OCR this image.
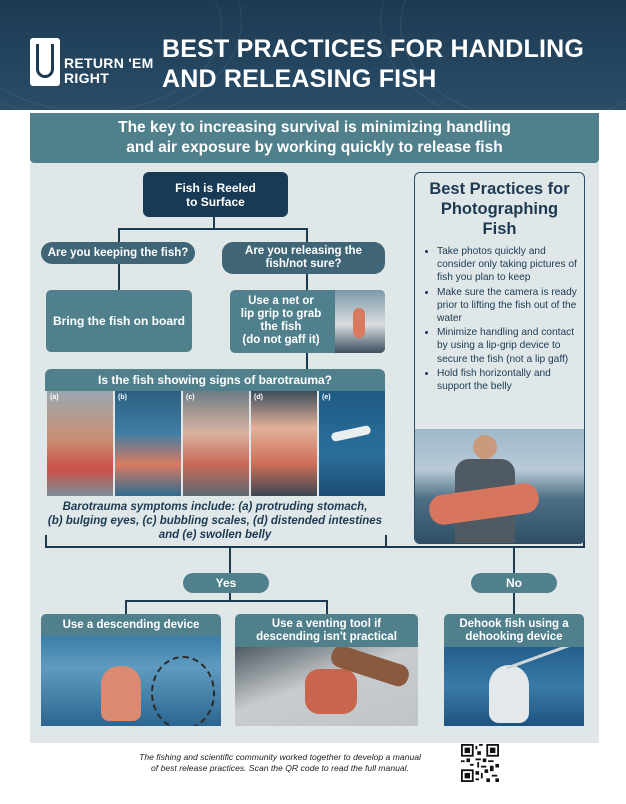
RETURN 'EM
RIGHT
BEST PRACTICES FOR HANDLING
AND RELEASING FISH
The key to increasing survival is minimizing handling
and air exposure by working quickly to release fish
Fish is Reeled
to Surface
Are you keeping the fish?	Are you releasing the
fish/not sure?
Bring the fish on board
Use a net or
lip grip to grab
the fish
(do not gaff it)
Is the fish showing signs of barotrauma?
(a)	(b)	(c)	(d)	(e)
Barotrauma symptoms include: (a) protruding stomach,
(b) bulging eyes, (c) bubbling scales, (d) distended intestines
and (e) swollen belly
Yes	No
Use a descending device	Use a venting tool if
descending isn't practical
Dehook fish using a
dehooking device
Best Practices for
Photographing
Fish
• Take photos quickly and consider only taking pictures of fish you plan to keep
• Make sure the camera is ready prior to lifting the fish out of the water
• Minimize handling and contact by using a lip-grip device to secure the fish (not a lip gaff)
• Hold fish horizontally and support the belly
The fishing and scientific community worked together to develop a manual
of best release practices. Scan the QR code to read the full manual.
